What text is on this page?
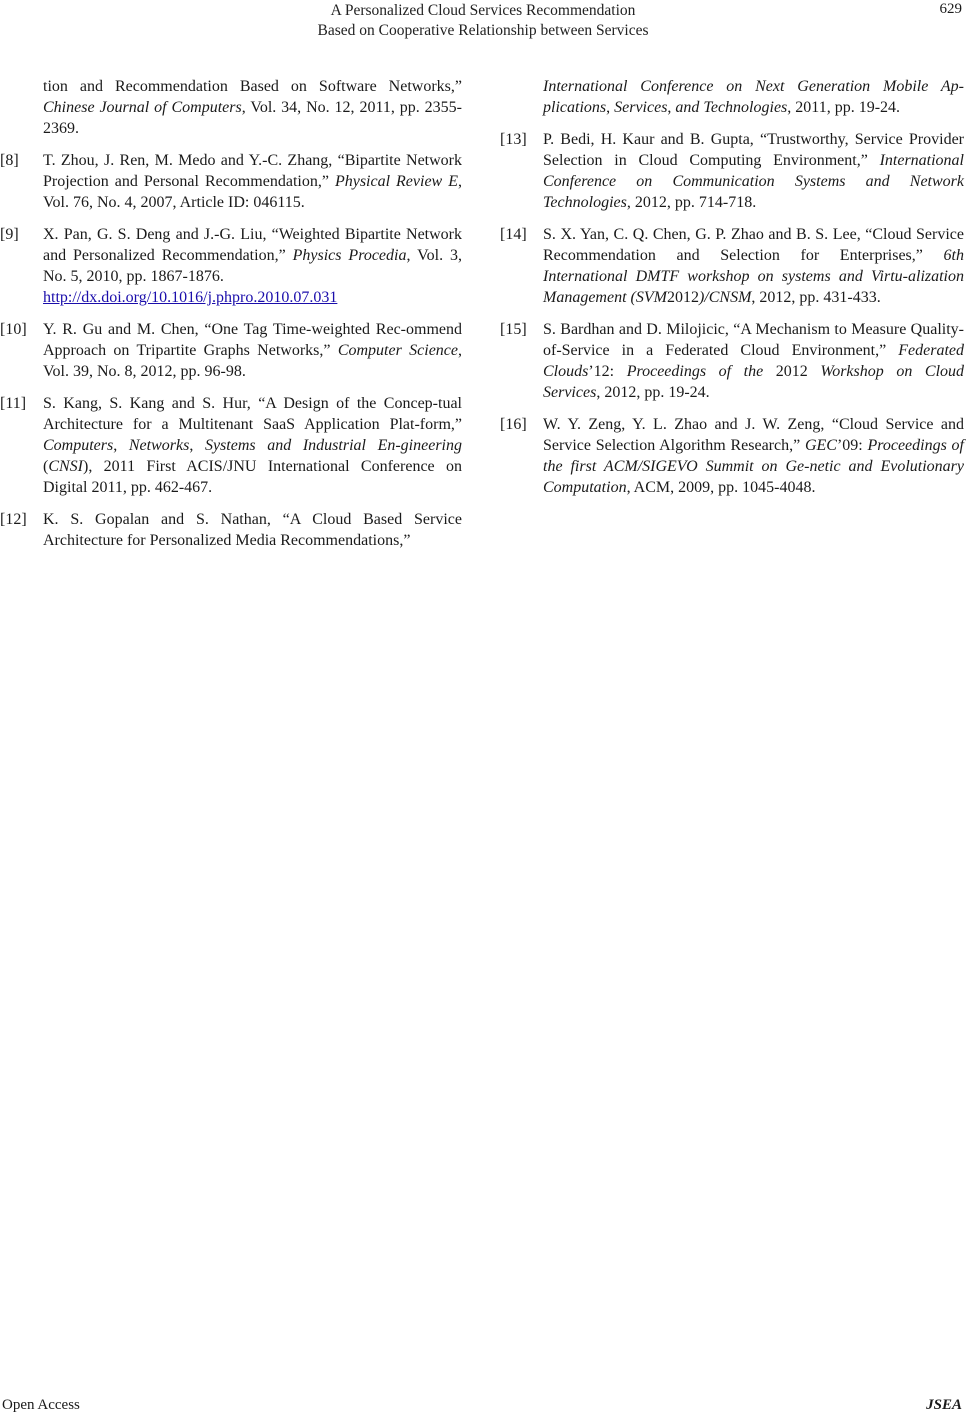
A Personalized Cloud Services Recommendation
Based on Cooperative Relationship between Services
629
tion and Recommendation Based on Software Networks,” Chinese Journal of Computers, Vol. 34, No. 12, 2011, pp. 2355-2369.
[8] T. Zhou, J. Ren, M. Medo and Y.-C. Zhang, “Bipartite Network Projection and Personal Recommendation,” Physical Review E, Vol. 76, No. 4, 2007, Article ID: 046115.
[9] X. Pan, G. S. Deng and J.-G. Liu, “Weighted Bipartite Network and Personalized Recommendation,” Physics Procedia, Vol. 3, No. 5, 2010, pp. 1867-1876.
http://dx.doi.org/10.1016/j.phpro.2010.07.031
[10] Y. R. Gu and M. Chen, “One Tag Time-weighted Rec-ommend Approach on Tripartite Graphs Networks,” Computer Science, Vol. 39, No. 8, 2012, pp. 96-98.
[11] S. Kang, S. Kang and S. Hur, “A Design of the Concep-tual Architecture for a Multitenant SaaS Application Plat-form,” Computers, Networks, Systems and Industrial En-gineering (CNSI), 2011 First ACIS/JNU International Conference on Digital 2011, pp. 462-467.
[12] K. S. Gopalan and S. Nathan, “A Cloud Based Service Architecture for Personalized Media Recommendations,”
International Conference on Next Generation Mobile Ap-plications, Services, and Technologies, 2011, pp. 19-24.
[13] P. Bedi, H. Kaur and B. Gupta, “Trustworthy, Service Provider Selection in Cloud Computing Environment,” International Conference on Communication Systems and Network Technologies, 2012, pp. 714-718.
[14] S. X. Yan, C. Q. Chen, G. P. Zhao and B. S. Lee, “Cloud Service Recommendation and Selection for Enterprises,” 6th International DMTF workshop on systems and Virtu-alization Management (SVM2012)/CNSM, 2012, pp. 431-433.
[15] S. Bardhan and D. Milojicic, “A Mechanism to Measure Quality-of-Service in a Federated Cloud Environment,” Federated Clouds’12: Proceedings of the 2012 Workshop on Cloud Services, 2012, pp. 19-24.
[16] W. Y. Zeng, Y. L. Zhao and J. W. Zeng, “Cloud Service and Service Selection Algorithm Research,” GEC’09: Proceedings of the first ACM/SIGEVO Summit on Ge-netic and Evolutionary Computation, ACM, 2009, pp. 1045-4048.
Open Access	JSEA
